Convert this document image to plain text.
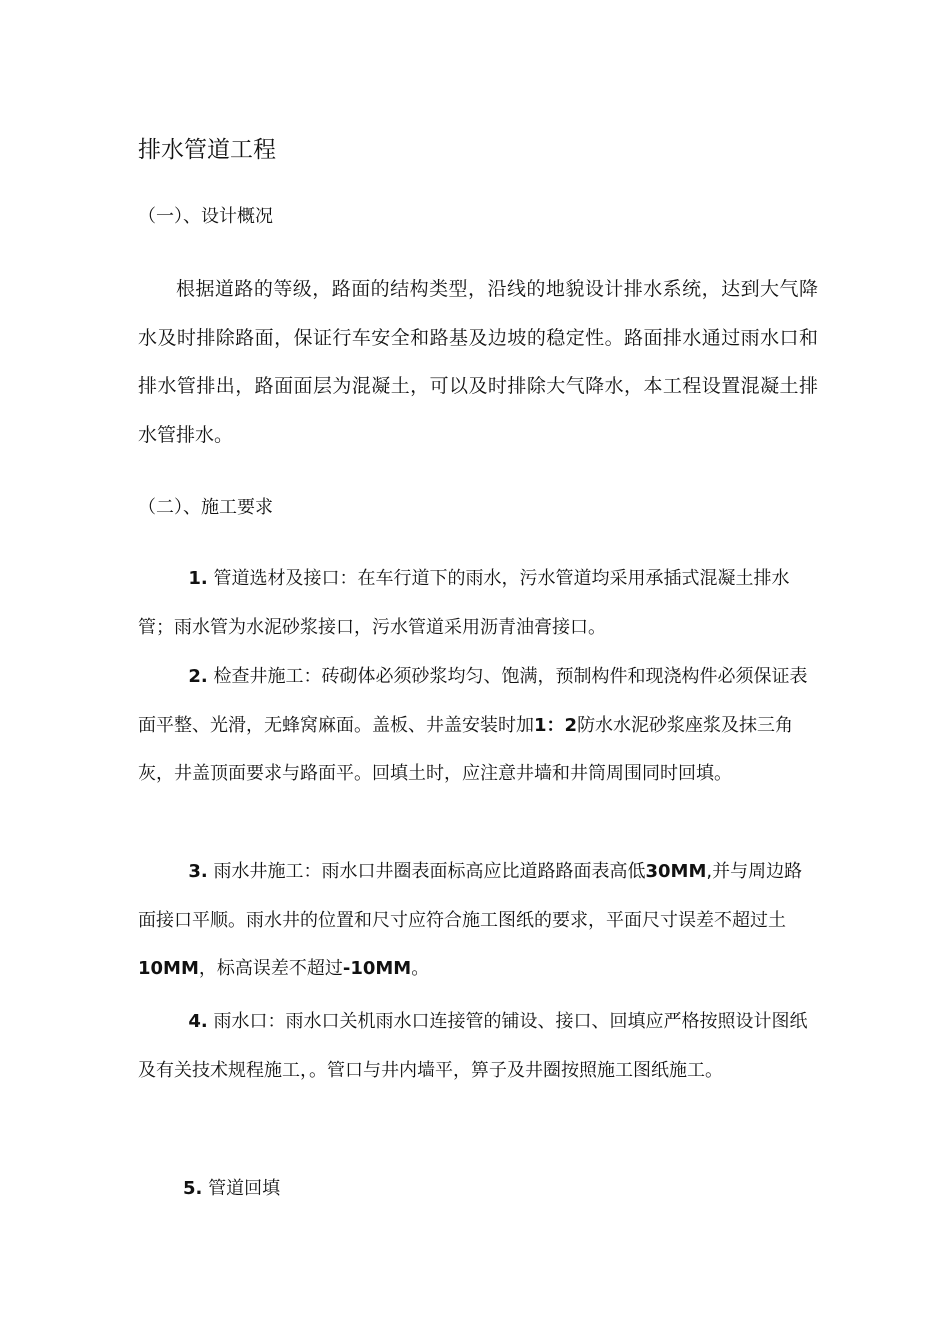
排水管道工程
（一）、设计概况

根据道路的等级，路面的结构类型，沿线的地貌设计排水系统，达到大气降水及时排除路面，保证行车安全和路基及边坡的稳定性。路面排水通过雨水口和排水管排出，路面面层为混凝土，可以及时排除大气降水，本工程设置混凝土排水管排水。

（二）、施工要求

1. 管道选材及接口：在车行道下的雨水，污水管道均采用承插式混凝土排水管；雨水管为水泥砂浆接口，污水管道采用沥青油膏接口。

2. 检查井施工：砖砌体必须砂浆均匀、饱满，预制构件和现浇构件必须保证表面平整、光滑，无蜂窝麻面。盖板、井盖安装时加1：2防水水泥砂浆座浆及抹三角灰，井盖顶面要求与路面平。回填土时，应注意井墙和井筒周围同时回填。

3. 雨水井施工：雨水口井圈表面标高应比道路路面表高低30MM,并与周边路面接口平顺。雨水井的位置和尺寸应符合施工图纸的要求，平面尺寸误差不超过土10MM，标高误差不超过-10MM。

4. 雨水口：雨水口关机雨水口连接管的铺设、接口、回填应严格按照设计图纸及有关技术规程施工，。管口与井内墙平，箅子及井圈按照施工图纸施工。

5. 管道回填
